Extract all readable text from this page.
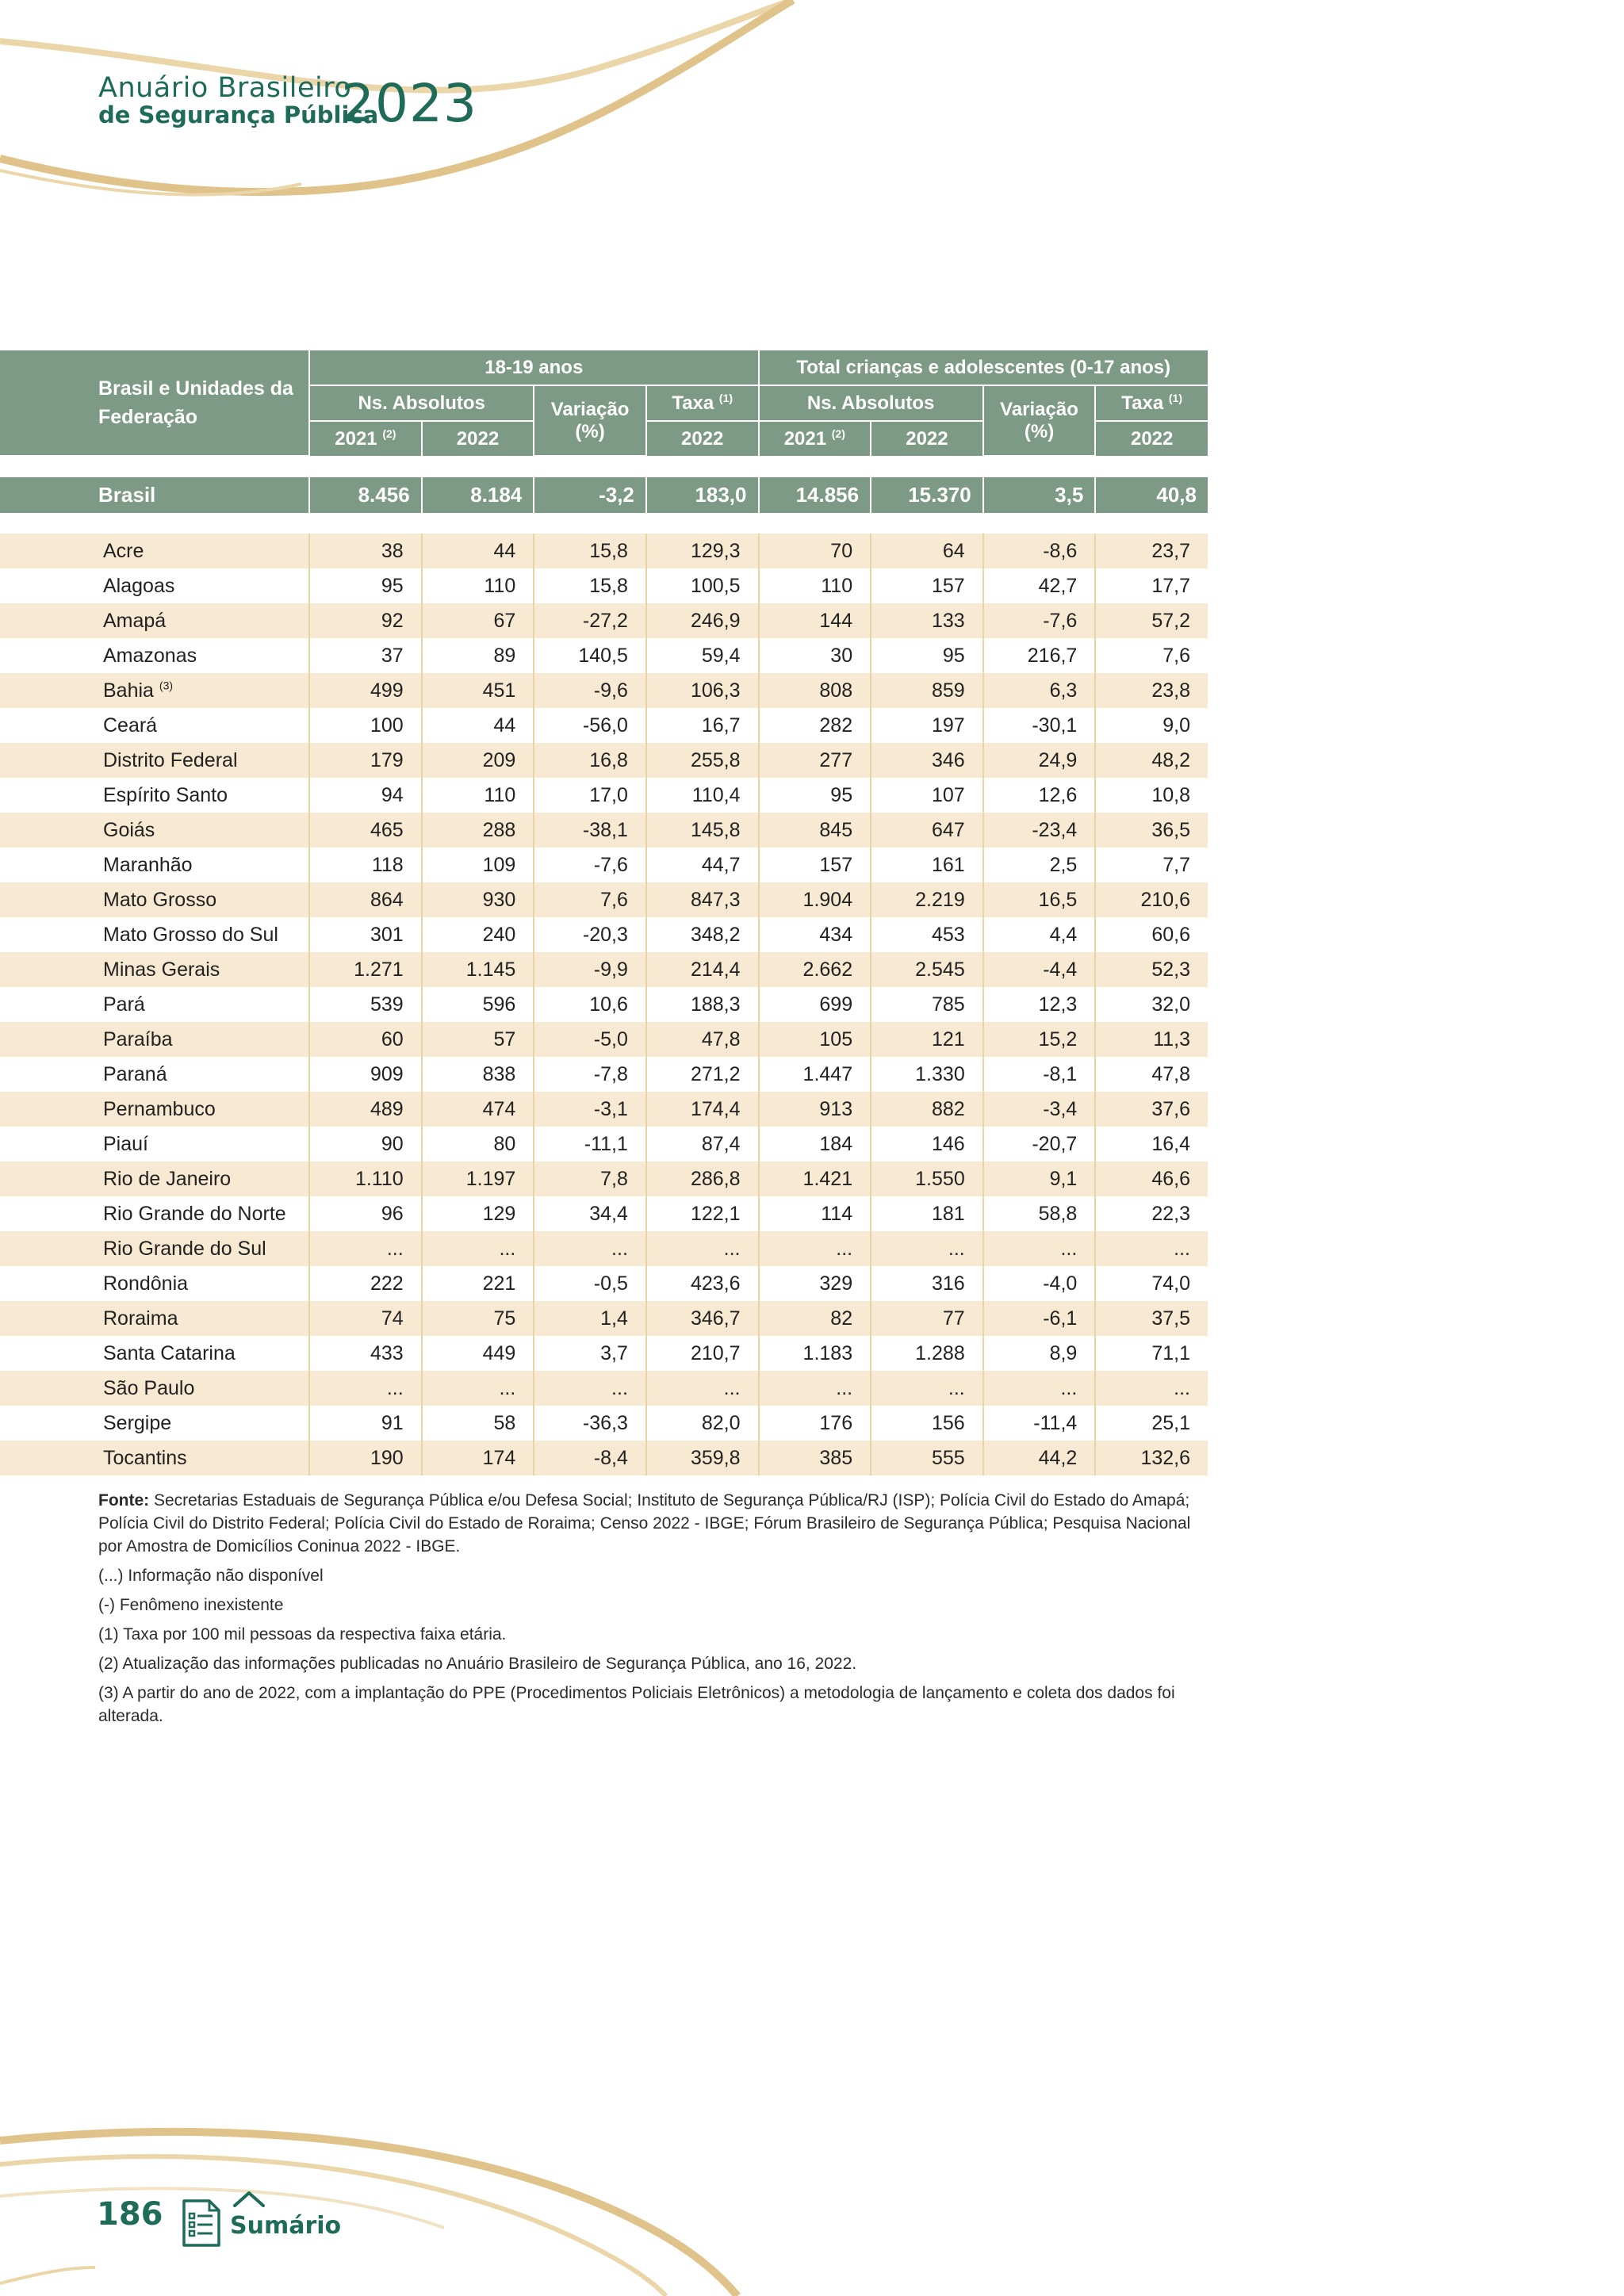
Anuário Brasileiro
de Segurança Pública
2023
Brasil e Unidades da Federação	18-19 anos				Total crianças e adolescentes (0-17 anos)			
	Ns. Absolutos		Variação (%)	Taxa $^{(1)}$	Ns. Absolutos		Variação (%)	Taxa $^{(1)}$
	2021 $^{(2)}$	2022		2022	2021 $^{(2)}$	2022		2022

Brasil	8.456	8.184	-3,2	183,0	14.856	15.370	3,5	40,8

Acre	38	44	15,8	129,3	70	64	-8,6	23,7
Alagoas	95	110	15,8	100,5	110	157	42,7	17,7
Amapá	92	67	-27,2	246,9	144	133	-7,6	57,2
Amazonas	37	89	140,5	59,4	30	95	216,7	7,6
Bahia $^{(3)}$	499	451	-9,6	106,3	808	859	6,3	23,8
Ceará	100	44	-56,0	16,7	282	197	-30,1	9,0
Distrito Federal	179	209	16,8	255,8	277	346	24,9	48,2
Espírito Santo	94	110	17,0	110,4	95	107	12,6	10,8
Goiás	465	288	-38,1	145,8	845	647	-23,4	36,5
Maranhão	118	109	-7,6	44,7	157	161	2,5	7,7
Mato Grosso	864	930	7,6	847,3	1.904	2.219	16,5	210,6
Mato Grosso do Sul	301	240	-20,3	348,2	434	453	4,4	60,6
Minas Gerais	1.271	1.145	-9,9	214,4	2.662	2.545	-4,4	52,3
Pará	539	596	10,6	188,3	699	785	12,3	32,0
Paraíba	60	57	-5,0	47,8	105	121	15,2	11,3
Paraná	909	838	-7,8	271,2	1.447	1.330	-8,1	47,8
Pernambuco	489	474	-3,1	174,4	913	882	-3,4	37,6
Piauí	90	80	-11,1	87,4	184	146	-20,7	16,4
Rio de Janeiro	1.110	1.197	7,8	286,8	1.421	1.550	9,1	46,6
Rio Grande do Norte	96	129	34,4	122,1	114	181	58,8	22,3
Rio Grande do Sul	...	...	...	...	...	...	...	...
Rondônia	222	221	-0,5	423,6	329	316	-4,0	74,0
Roraima	74	75	1,4	346,7	82	77	-6,1	37,5
Santa Catarina	433	449	3,7	210,7	1.183	1.288	8,9	71,1
São Paulo	...	...	...	...	...	...	...	...
Sergipe	91	58	-36,3	82,0	176	156	-11,4	25,1
Tocantins	190	174	-8,4	359,8	385	555	44,2	132,6

Fonte: Secretarias Estaduais de Segurança Pública e/ou Defesa Social; Instituto de Segurança Pública/RJ (ISP); Polícia Civil do Estado do Amapá; Polícia Civil do Distrito Federal; Polícia Civil do Estado de Roraima; Censo 2022 - IBGE; Fórum Brasileiro de Segurança Pública; Pesquisa Nacional por Amostra de Domicílios Coninua 2022 - IBGE.

(...) Informação não disponível

(-) Fenômeno inexistente

(1) Taxa por 100 mil pessoas da respectiva faixa etária.

(2) Atualização das informações publicadas no Anuário Brasileiro de Segurança Pública, ano 16, 2022.

(3) A partir do ano de 2022, com a implantação do PPE (Procedimentos Policiais Eletrônicos) a metodologia de lançamento e coleta dos dados foi alterada.

186	Sumário
